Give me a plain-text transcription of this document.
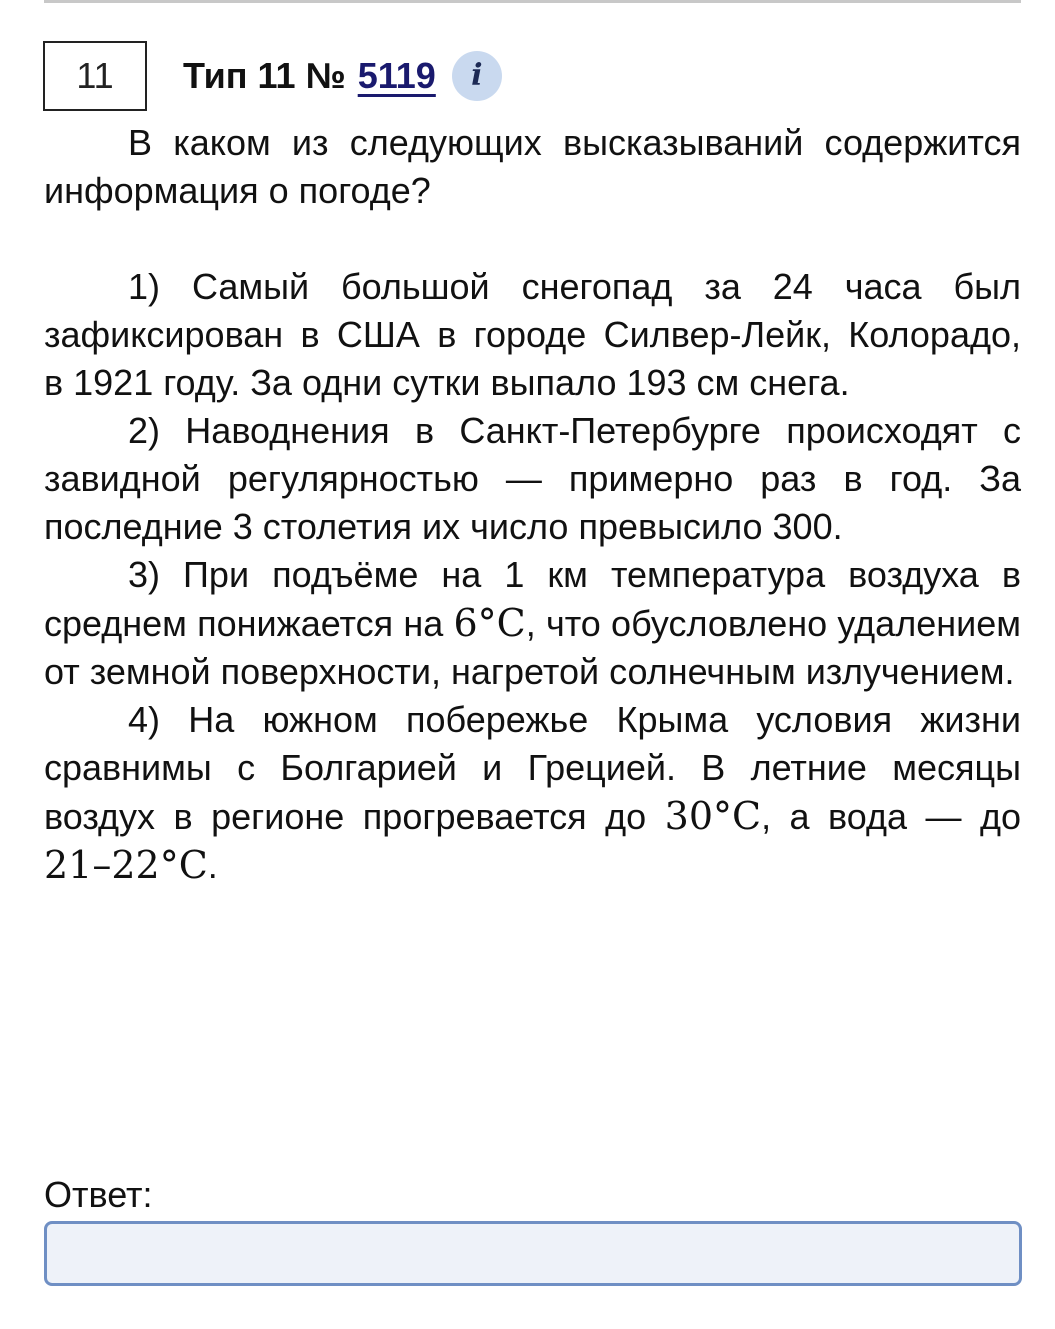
11	Тип 11 № 5119	i

В каком из следующих высказываний содержится информация о погоде?

1) Самый большой снегопад за 24 часа был зафиксирован в США в городе Силвер-Лейк, Колорадо, в 1921 году. За одни сутки выпало 193 см снега.

2) Наводнения в Санкт-Петербурге происходят с завидной регулярностью — примерно раз в год. За последние 3 столетия их число превысило 300.

3) При подъёме на 1 км температура воздуха в среднем понижается на 6°C, что обусловлено удалением от земной поверхности, нагретой солнечным излучением.

4) На южном побережье Крыма условия жизни сравнимы с Болгарией и Грецией. В летние месяцы воздух в регионе прогревается до 30°C, а вода — до 21–22°C.

Ответ:
